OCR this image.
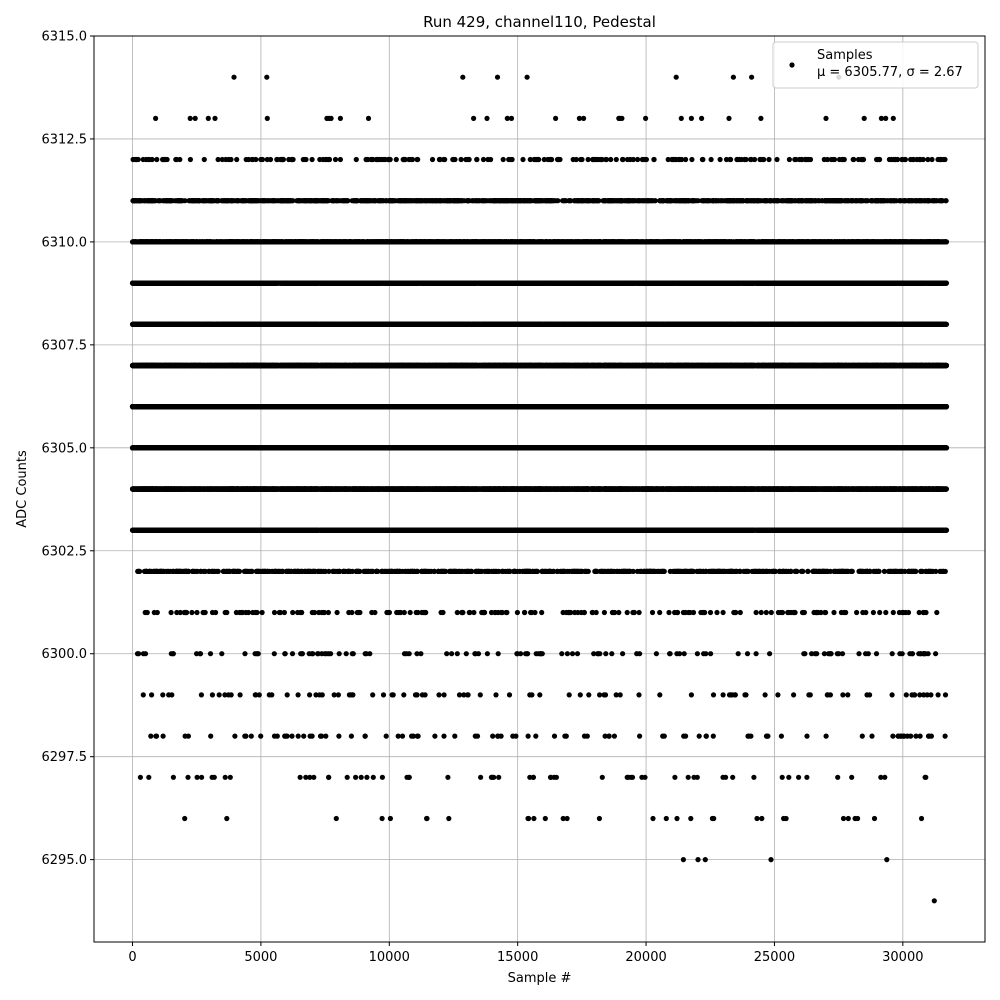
Run 429, channel110, Pedestal
0	5000	10000	15000	20000	25000	30000
6295.0
6297.5
6300.0
6302.5
6305.0
6307.5
6310.0
6312.5
6315.0
Sample #
ADC Counts
Samples
μ = 6305.77, σ = 2.67
